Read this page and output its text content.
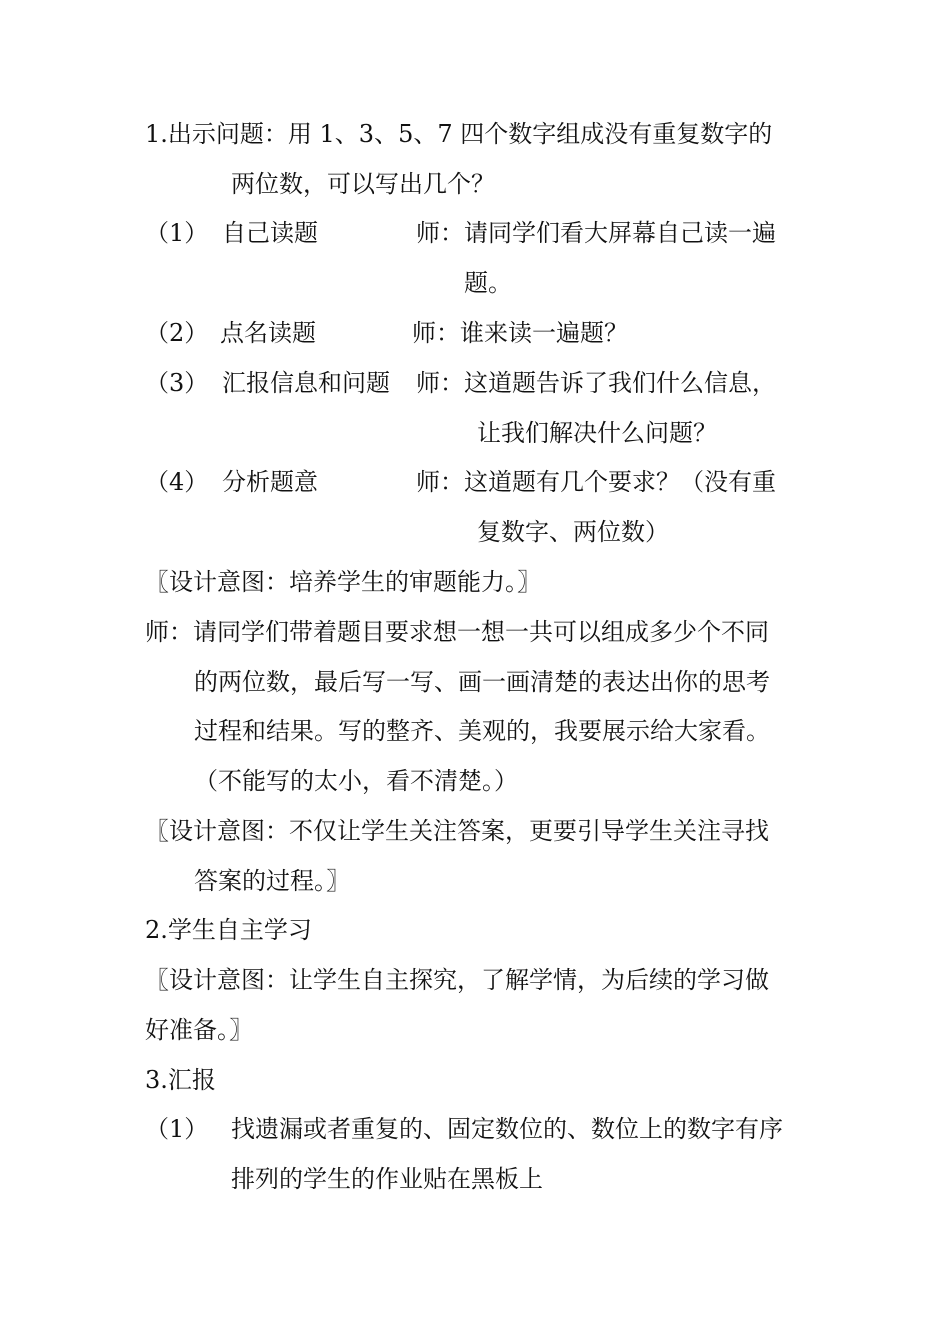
1.出示问题：用 1、3、5、7 四个数字组成没有重复数字的
两位数，可以写出几个？
（1） 自己读题	师：请同学们看大屏幕自己读一遍
题。
（2） 点名读题	师：谁来读一遍题？
（3） 汇报信息和问题 师：这道题告诉了我们什么信息，
让我们解决什么问题？
（4） 分析题意	师：这道题有几个要求？（没有重
复数字、两位数）
〖设计意图：培养学生的审题能力。〗
师：请同学们带着题目要求想一想一共可以组成多少个不同
的两位数，最后写一写、画一画清楚的表达出你的思考
过程和结果。写的整齐、美观的，我要展示给大家看。
（不能写的太小，看不清楚。）
〖设计意图：不仅让学生关注答案，更要引导学生关注寻找
答案的过程。〗
2.学生自主学习
〖设计意图：让学生自主探究，了解学情，为后续的学习做
好准备。〗
3.汇报
（1） 找遗漏或者重复的、固定数位的、数位上的数字有序
排列的学生的作业贴在黑板上
